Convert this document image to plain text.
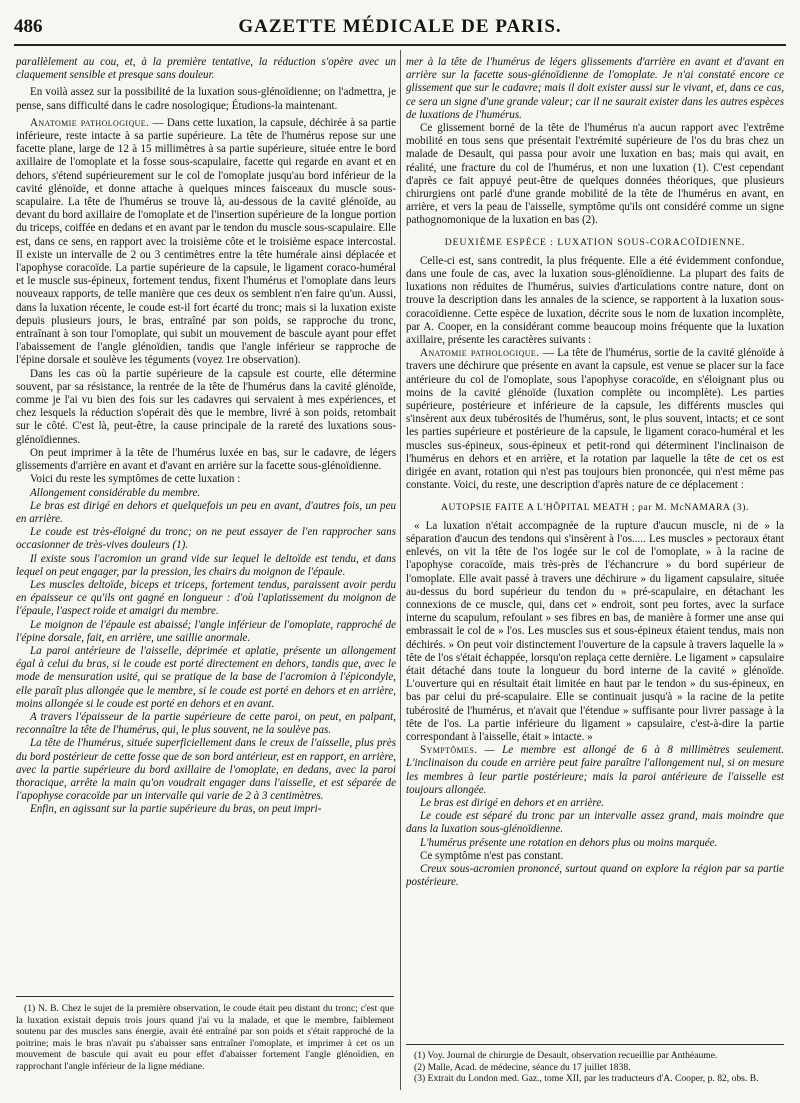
486	GAZETTE MÉDICALE DE PARIS.

parallèlement au cou, et, à la première tentative, la réduction s'opère avec un claquement sensible et presque sans douleur.

En voilà assez sur la possibilité de la luxation sous-glénoïdienne; on l'admettra, je pense, sans difficulté dans le cadre nosologique; Étudions-la maintenant.

Anatomie pathologique. — Dans cette luxation, la capsule, déchirée à sa partie inférieure, reste intacte à sa partie supérieure. La tête de l'humérus repose sur une facette plane, large de 12 à 15 millimètres à sa partie supérieure, située entre le bord axillaire de l'omoplate et la fosse sous-scapulaire, facette qui regarde en avant et en dehors, s'étend supérieurement sur le col de l'omoplate jusqu'au bord inférieur de la cavité glénoïde, et donne attache à quelques minces faisceaux du muscle sous-scapulaire. La tête de l'humérus se trouve là, au-dessous de la cavité glénoïde, au devant du bord axillaire de l'omoplate et de l'insertion supérieure de la longue portion du triceps, coiffée en dedans et en avant par le tendon du muscle sous-scapulaire. Elle est, dans ce sens, en rapport avec la troisième côte et le troisième espace intercostal. Il existe un intervalle de 2 ou 3 centimètres entre la tête humérale ainsi déplacée et l'apophyse coracoïde. La partie supérieure de la capsule, le ligament coraco-huméral et le muscle sus-épineux, fortement tendus, fixent l'humérus et l'omoplate dans leurs nouveaux rapports, de telle manière que ces deux os semblent n'en faire qu'un. Aussi, dans la luxation récente, le coude est-il fort écarté du tronc; mais si la luxation existe depuis plusieurs jours, le bras, entraîné par son poids, se rapproche du tronc, entraînant à son tour l'omoplate, qui subit un mouvement de bascule ayant pour effet l'abaissement de l'angle glénoïdien, tandis que l'angle inférieur se rapproche de l'épine dorsale et soulève les téguments (voyez 1re observation).

Dans les cas où la partie supérieure de la capsule est courte, elle détermine souvent, par sa résistance, la rentrée de la tête de l'humérus dans la cavité glénoïde, comme je l'ai vu bien des fois sur les cadavres qui servaient à mes expériences, et chez lesquels la réduction s'opérait dès que le membre, livré à son poids, retombait sur le côté. C'est là, peut-être, la cause principale de la rareté des luxations sous-glénoïdiennes.

On peut imprimer à la tête de l'humérus luxée en bas, sur le cadavre, de légers glissements d'arrière en avant et d'avant en arrière sur la facette sous-glénoïdienne.

Voici du reste les symptômes de cette luxation :

Allongement considérable du membre.

Le bras est dirigé en dehors et quelquefois un peu en avant, d'autres fois, un peu en arrière.

Le coude est très-éloigné du tronc; on ne peut essayer de l'en rapprocher sans occasionner de très-vives douleurs (1).

Il existe sous l'acromion un grand vide sur lequel le deltoïde est tendu, et dans lequel on peut engager, par la pression, les chairs du moignon de l'épaule.

Les muscles deltoïde, biceps et triceps, fortement tendus, paraissent avoir perdu en épaisseur ce qu'ils ont gagné en longueur : d'où l'aplatissement du moignon de l'épaule, l'aspect roide et amaigri du membre.

Le moignon de l'épaule est abaissé; l'angle inférieur de l'omoplate, rapproché de l'épine dorsale, fait, en arrière, une saillie anormale.

La paroi antérieure de l'aisselle, déprimée et aplatie, présente un allongement égal à celui du bras, si le coude est porté directement en dehors, tandis que, avec le mode de mensuration usité, qui se pratique de la base de l'acromion à l'épicondyle, elle paraît plus allongée que le membre, si le coude est porté en dehors et en arrière, moins allongée si le coude est porté en dehors et en avant.

A travers l'épaisseur de la partie supérieure de cette paroi, on peut, en palpant, reconnaître la tête de l'humérus, qui, le plus souvent, ne la soulève pas.

La tête de l'humérus, située superficiellement dans le creux de l'aisselle, plus près du bord postérieur de cette fosse que de son bord antérieur, est en rapport, en arrière, avec la partie supérieure du bord axillaire de l'omoplate, en dedans, avec la paroi thoracique, arrête la main qu'on voudrait engager dans l'aisselle, et est séparée de l'apophyse coracoïde par un intervalle qui varie de 2 à 3 centimètres.

Enfin, en agissant sur la partie supérieure du bras, on peut impri-

mer à la tête de l'humérus de légers glissements d'arrière en avant et d'avant en arrière sur la facette sous-glénoïdienne de l'omoplate. Je n'ai constaté encore ce glissement que sur le cadavre; mais il doit exister aussi sur le vivant, et, dans ce cas, ce sera un signe d'une grande valeur; car il ne saurait exister dans les autres espèces de luxations de l'humérus.

Ce glissement borné de la tête de l'humérus n'a aucun rapport avec l'extrême mobilité en tous sens que présentait l'extrémité supérieure de l'os du bras chez un malade de Desault, qui passa pour avoir une luxation en bas; mais qui avait, en réalité, une fracture du col de l'humérus, et non une luxation (1). C'est cependant d'après ce fait appuyé peut-être de quelques données théoriques, que plusieurs chirurgiens ont parlé d'une grande mobilité de la tête de l'humérus en avant, en arrière, et vers la peau de l'aisselle, symptôme qu'ils ont considéré comme un signe pathognomonique de la luxation en bas (2).

DEUXIÈME ESPÈCE : LUXATION SOUS-CORACOÏDIENNE.

Celle-ci est, sans contredit, la plus fréquente. Elle a été évidemment confondue, dans une foule de cas, avec la luxation sous-glénoïdienne. La plupart des faits de luxations non réduites de l'humérus, suivies d'articulations contre nature, dont on trouve la description dans les annales de la science, se rapportent à la luxation sous-coracoïdienne. Cette espèce de luxation, décrite sous le nom de luxation incomplète, par A. Cooper, en la considérant comme beaucoup moins fréquente que la luxation axillaire, présente les caractères suivants :

Anatomie pathologique. — La tête de l'humérus, sortie de la cavité glénoïde à travers une déchirure que présente en avant la capsule, est venue se placer sur la face antérieure du col de l'omoplate, sous l'apophyse coracoïde, en s'éloignant plus ou moins de la cavité glénoïde (luxation complète ou incomplète). Les parties supérieure, postérieure et inférieure de la capsule, les différents muscles qui s'insèrent aux deux tubérosités de l'humérus, sont, le plus souvent, intacts; et ce sont les parties supérieure et postérieure de la capsule, le ligament coraco-huméral et les muscles sus-épineux, sous-épineux et petit-rond qui déterminent l'inclinaison de l'humérus en dehors et en arrière, et la rotation par laquelle la tête de cet os est dirigée en avant, rotation qui n'est pas toujours bien prononcée, qui n'est même pas constante. Voici, du reste, une description d'après nature de ce déplacement :

AUTOPSIE FAITE A L'HÔPITAL MEATH ; par M. McNAMARA (3).

« La luxation n'était accompagnée de la rupture d'aucun muscle, ni de » la séparation d'aucun des tendons qui s'insèrent à l'os..... Les muscles » pectoraux étant enlevés, on vit la tête de l'os logée sur le col de l'omoplate, » à la racine de l'apophyse coracoïde, mais très-près de l'échancrure » du bord supérieur de l'omoplate. Elle avait passé à travers une déchirure » du ligament capsulaire, située au-dessus du bord supérieur du tendon du » pré-scapulaire, en détachant les connexions de ce muscle, qui, dans cet » endroit, sont peu fortes, avec la surface interne du scapulum, refoulant » ses fibres en bas, de manière à former une anse qui embrassait le col de » l'os. Les muscles sus et sous-épineux étaient tendus, mais non déchirés. » On peut voir distinctement l'ouverture de la capsule à travers laquelle la » tête de l'os s'était échappée, lorsqu'on replaça cette dernière. Le ligament » capsulaire était détaché dans toute la longueur du bord interne de la cavité » glénoïde. L'ouverture qui en résultait était limitée en haut par le tendon » du sus-épineux, en bas par celui du pré-scapulaire. Elle se continuait jusqu'à » la racine de la petite tubérosité de l'humérus, et n'avait que l'étendue » suffisante pour livrer passage à la tête de l'os. La partie inférieure du ligament » capsulaire, c'est-à-dire la partie correspondant à l'aisselle, était » intacte. »

Symptômes. — Le membre est allongé de 6 à 8 millimètres seulement. L'inclinaison du coude en arrière peut faire paraître l'allongement nul, si on mesure les membres à leur partie postérieure; mais la paroi antérieure de l'aisselle est toujours allongée.

Le bras est dirigé en dehors et en arrière.

Le coude est séparé du tronc par un intervalle assez grand, mais moindre que dans la luxation sous-glénoïdienne.

L'humérus présente une rotation en dehors plus ou moins marquée.

Ce symptôme n'est pas constant.

Creux sous-acromien prononcé, surtout quand on explore la région par sa partie postérieure.

(1) N. B. Chez le sujet de la première observation, le coude était peu distant du tronc; c'est que la luxation existait depuis trois jours quand j'ai vu la malade, et que le membre, faiblement soutenu par des muscles sans énergie, avait été entraîné par son poids et s'était rapproché de la poitrine; mais le bras n'avait pu s'abaisser sans entraîner l'omoplate, et imprimer à cet os un mouvement de bascule qui avait eu pour effet d'abaisser fortement l'angle glénoïdien, en rapprochant l'angle inférieur de la ligne médiane.

(1) Voy. Journal de chirurgie de Desault, observation recueillie par Anthéaume.

(2) Malle, Acad. de médecine, séance du 17 juillet 1838.

(3) Extrait du London med. Gaz., tome XII, par les traducteurs d'A. Cooper, p. 82, obs. B.
